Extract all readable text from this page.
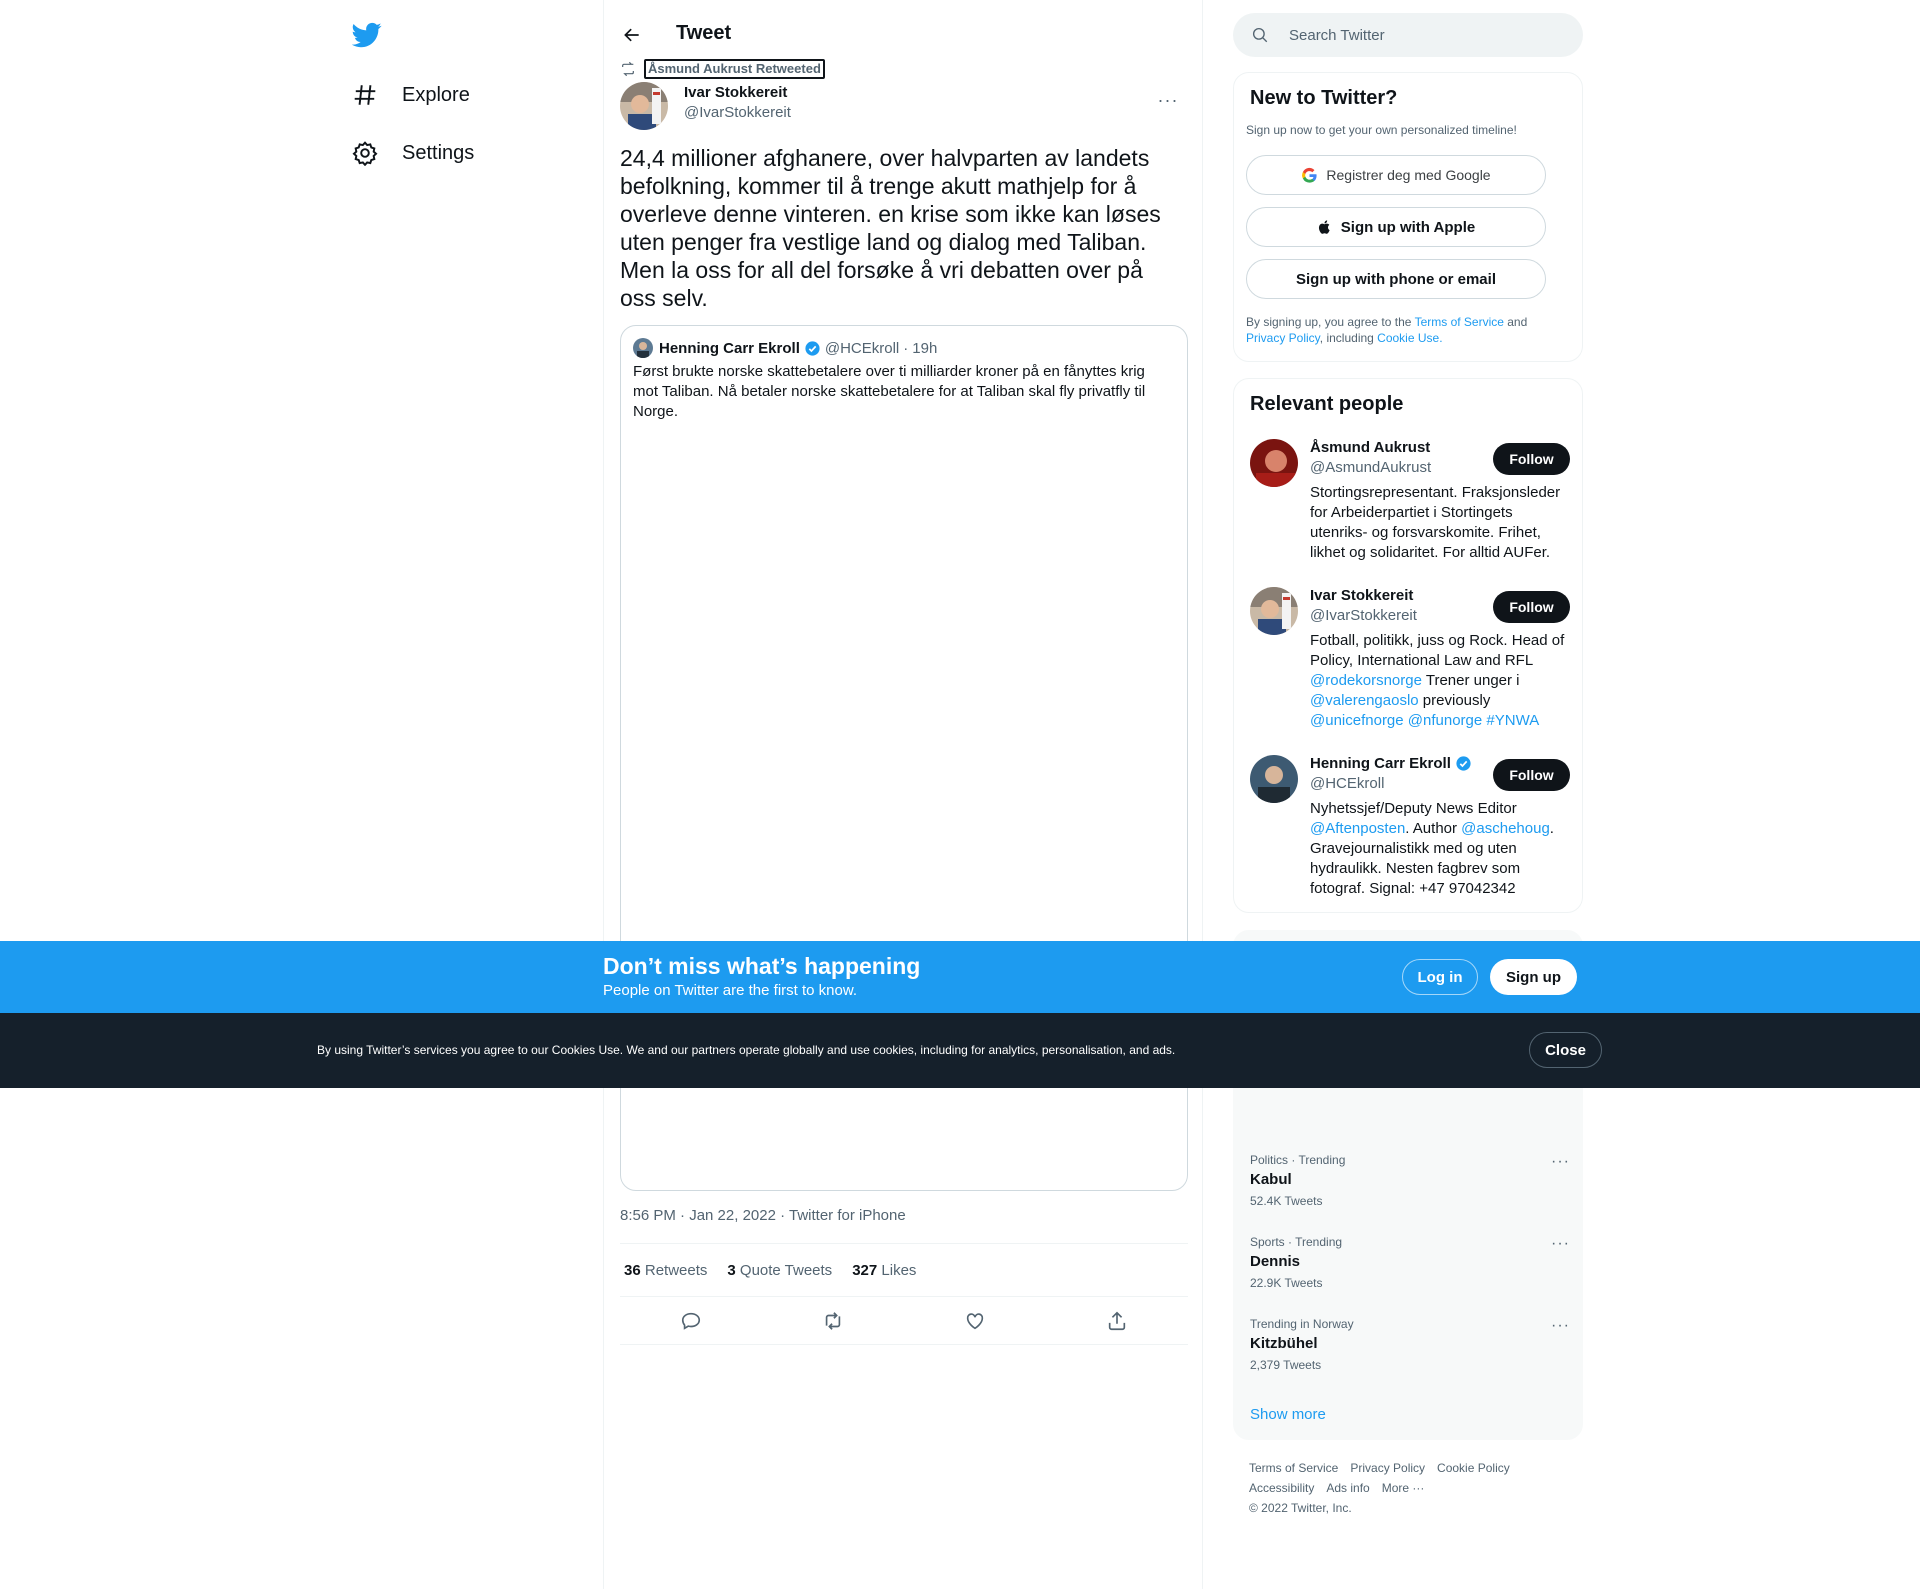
Explore
Settings
Tweet
Åsmund Aukrust Retweeted
Ivar Stokkereit
@IvarStokkereit
···
24,4 millioner afghanere, over halvparten av landets befolkning, kommer til å trenge akutt mathjelp for å overleve denne vinteren. en krise som ikke kan løses uten penger fra vestlige land og dialog med Taliban. Men la oss for all del forsøke å vri debatten over på oss selv.
Henning Carr Ekroll @HCEkroll · 19h
Først brukte norske skattebetalere over ti milliarder kroner på en fånyttes krig mot Taliban. Nå betaler norske skattebetalere for at Taliban skal fly privatfly til Norge.
8:56 PM · Jan 22, 2022 · Twitter for iPhone
36 Retweets 3 Quote Tweets 327 Likes
Search Twitter
New to Twitter?
Sign up now to get your own personalized timeline!
Registrer deg med Google
Sign up with Apple
Sign up with phone or email
By signing up, you agree to the Terms of Service and
Privacy Policy, including Cookie Use.
Relevant people
Åsmund Aukrust
@AsmundAukrust	Follow
Stortingsrepresentant. Fraksjonsleder for Arbeiderpartiet i Stortingets utenriks- og forsvarskomite. Frihet, likhet og solidaritet. For alltid AUFer.
Ivar Stokkereit
@IvarStokkereit	Follow
Fotball, politikk, juss og Rock. Head of Policy, International Law and RFL @rodekorsnorge Trener unger i @valerengaoslo previously @unicefnorge @nfunorge #YNWA
Henning Carr Ekroll
@HCEkroll	Follow
Nyhetssjef/Deputy News Editor @Aftenposten. Author @aschehoug. Gravejournalistikk med og uten hydraulikk. Nesten fagbrev som fotograf. Signal: +47 97042342
Politics · Trending
Kabul
52.4K Tweets
···
Sports · Trending
Dennis
22.9K Tweets
···
Trending in Norway
Kitzbühel
2,379 Tweets
···
Show more
Terms of Service Privacy Policy Cookie Policy
Accessibility Ads info More ···
© 2022 Twitter, Inc.
Don’t miss what’s happening
People on Twitter are the first to know.
Log in	Sign up
By using Twitter’s services you agree to our Cookies Use. We and our partners operate globally and use cookies, including for analytics, personalisation, and ads.	Close
